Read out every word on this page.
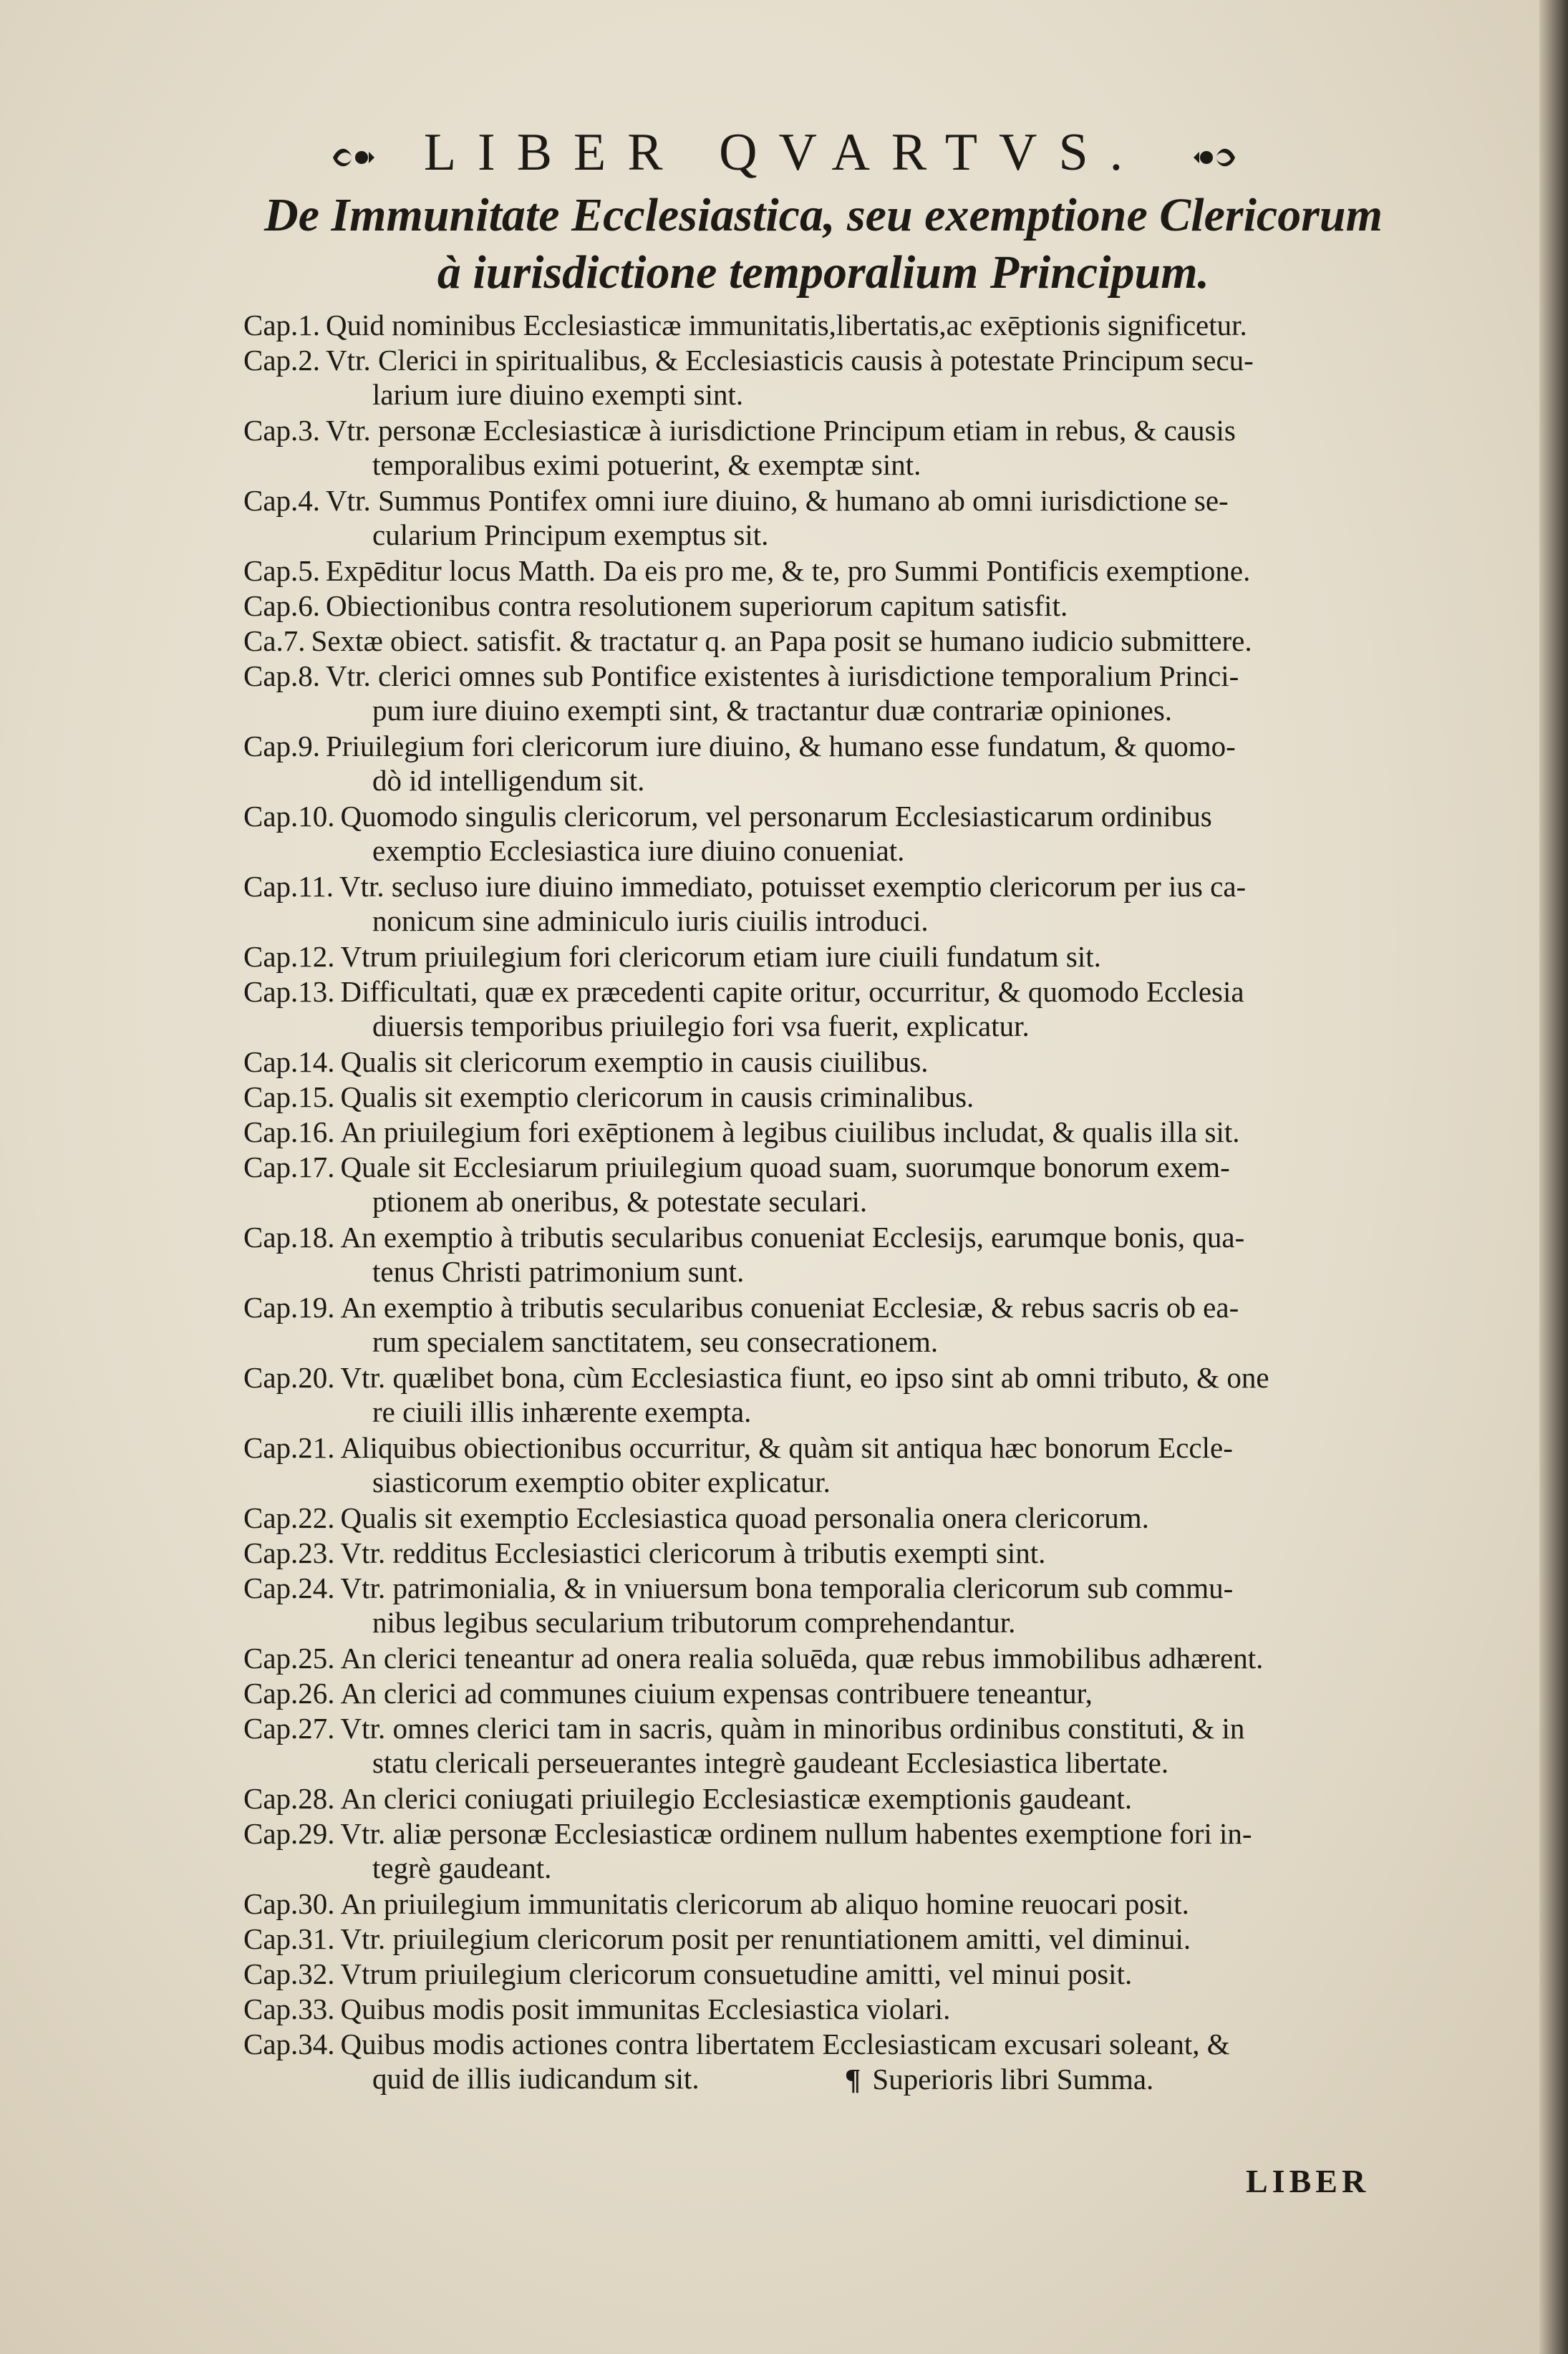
LIBER QVARTVS.
De Immunitate Ecclesiastica, seu exemptione Clericorum
à iurisdictione temporalium Principum.
Cap.1. Quid nominibus Ecclesiasticæ immunitatis,libertatis,ac exēptionis significetur.
Cap.2. Vtr. Clerici in spiritualibus, & Ecclesiasticis causis à potestate Principum secu-
larium iure diuino exempti sint.
Cap.3. Vtr. personæ Ecclesiasticæ à iurisdictione Principum etiam in rebus, & causis
temporalibus eximi potuerint, & exemptæ sint.
Cap.4. Vtr. Summus Pontifex omni iure diuino, & humano ab omni iurisdictione se-
cularium Principum exemptus sit.
Cap.5. Expēditur locus Matth. Da eis pro me, & te, pro Summi Pontificis exemptione.
Cap.6. Obiectionibus contra resolutionem superiorum capitum satisfit.
Ca.7. Sextæ obiect. satisfit. & tractatur q. an Papa posit se humano iudicio submittere.
Cap.8. Vtr. clerici omnes sub Pontifice existentes à iurisdictione temporalium Princi-
pum iure diuino exempti sint, & tractantur duæ contrariæ opiniones.
Cap.9. Priuilegium fori clericorum iure diuino, & humano esse fundatum, & quomo-
dò id intelligendum sit.
Cap.10. Quomodo singulis clericorum, vel personarum Ecclesiasticarum ordinibus
exemptio Ecclesiastica iure diuino conueniat.
Cap.11. Vtr. seclusо iure diuino immediato, potuisset exemptio clericorum per ius ca-
nonicum sine adminiculo iuris ciuilis introduci.
Cap.12. Vtrum priuilegium fori clericorum etiam iure ciuili fundatum sit.
Cap.13. Difficultati, quæ ex præcedenti capite oritur, occurritur, & quomodo Ecclesia
diuersis temporibus priuilegio fori vsa fuerit, explicatur.
Cap.14. Qualis sit clericorum exemptio in causis ciuilibus.
Cap.15. Qualis sit exemptio clericorum in causis criminalibus.
Cap.16. An priuilegium fori exēptionem à legibus ciuilibus includat, & qualis illa sit.
Cap.17. Quale sit Ecclesiarum priuilegium quoad suam, suorumque bonorum exem-
ptionem ab oneribus, & potestate seculari.
Cap.18. An exemptio à tributis secularibus conueniat Ecclesijs, earumque bonis, qua-
tenus Christi patrimonium sunt.
Cap.19. An exemptio à tributis secularibus conueniat Ecclesiæ, & rebus sacris ob ea-
rum specialem sanctitatem, seu consecrationem.
Cap.20. Vtr. quælibet bona, cùm Ecclesiastica fiunt, eo ipso sint ab omni tributo, & one
re ciuili illis inhærente exempta.
Cap.21. Aliquibus obiectionibus occurritur, & quàm sit antiqua hæc bonorum Eccle-
siasticorum exemptio obiter explicatur.
Cap.22. Qualis sit exemptio Ecclesiastica quoad personalia onera clericorum.
Cap.23. Vtr. redditus Ecclesiastici clericorum à tributis exempti sint.
Cap.24. Vtr. patrimonialia, & in vniuersum bona temporalia clericorum sub commu-
nibus legibus secularium tributorum comprehendantur.
Cap.25. An clerici teneantur ad onera realia soluēda, quæ rebus immobilibus adhærent.
Cap.26. An clerici ad communes ciuium expensas contribuere teneantur,
Cap.27. Vtr. omnes clerici tam in sacris, quàm in minoribus ordinibus constituti, & in
statu clericali perseuerantes integrè gaudeant Ecclesiastica libertate.
Cap.28. An clerici coniugati priuilegio Ecclesiasticæ exemptionis gaudeant.
Cap.29. Vtr. aliæ personæ Ecclesiasticæ ordinem nullum habentes exemptione fori in-
tegrè gaudeant.
Cap.30. An priuilegium immunitatis clericorum ab aliquo homine reuocari posit.
Cap.31. Vtr. priuilegium clericorum posit per renuntiationem amitti, vel diminui.
Cap.32. Vtrum priuilegium clericorum consuetudine amitti, vel minui posit.
Cap.33. Quibus modis posit immunitas Ecclesiastica violari.
Cap.34. Quibus modis actiones contra libertatem Ecclesiasticam excusari soleant, &
quid de illis iudicandum sit.	¶ Superioris libri Summa.
LIBER
